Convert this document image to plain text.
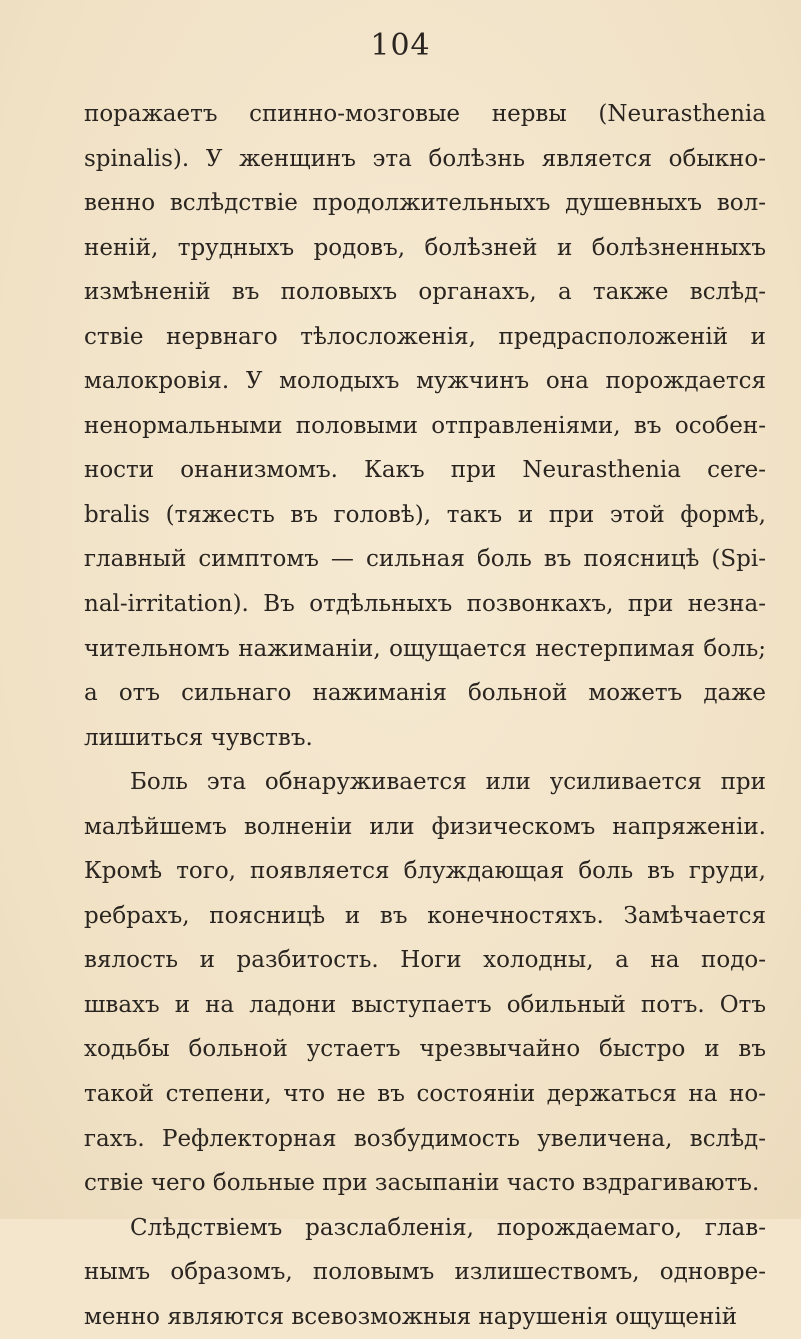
104
поражаетъ спинно-мозговые нервы (Neurasthenia
spinalis). У женщинъ эта болѣзнь является обыкно-
венно вслѣдствіе продолжительныхъ душевныхъ вол-
неній, трудныхъ родовъ, болѣзней и болѣзненныхъ
измѣненій въ половыхъ органахъ, а также вслѣд-
ствіе нервнаго тѣлосложенія, предрасположеній и
малокровія. У молодыхъ мужчинъ она порождается
ненормальными половыми отправленіями, въ особен-
ности онанизмомъ. Какъ при Neurasthenia cere-
bralis (тяжесть въ головѣ), такъ и при этой формѣ,
главный симптомъ — сильная боль въ поясницѣ (Spi-
nal-irritation). Въ отдѣльныхъ позвонкахъ, при незна-
чительномъ нажиманіи, ощущается нестерпимая боль;
а отъ сильнаго нажиманія больной можетъ даже
лишиться чувствъ.
Боль эта обнаруживается или усиливается при
малѣйшемъ волненіи или физическомъ напряженіи.
Кромѣ того, появляется блуждающая боль въ груди,
ребрахъ, поясницѣ и въ конечностяхъ. Замѣчается
вялость и разбитость. Ноги холодны, а на подо-
швахъ и на ладони выступаетъ обильный потъ. Отъ
ходьбы больной устаетъ чрезвычайно быстро и въ
такой степени, что не въ состояніи держаться на но-
гахъ. Рефлекторная возбудимость увеличена, вслѣд-
ствіе чего больные при засыпаніи часто вздрагиваютъ.
Слѣдствіемъ разслабленія, порождаемаго, глав-
нымъ образомъ, половымъ излишествомъ, одновре-
менно являются всевозможныя нарушенія ощущеній
